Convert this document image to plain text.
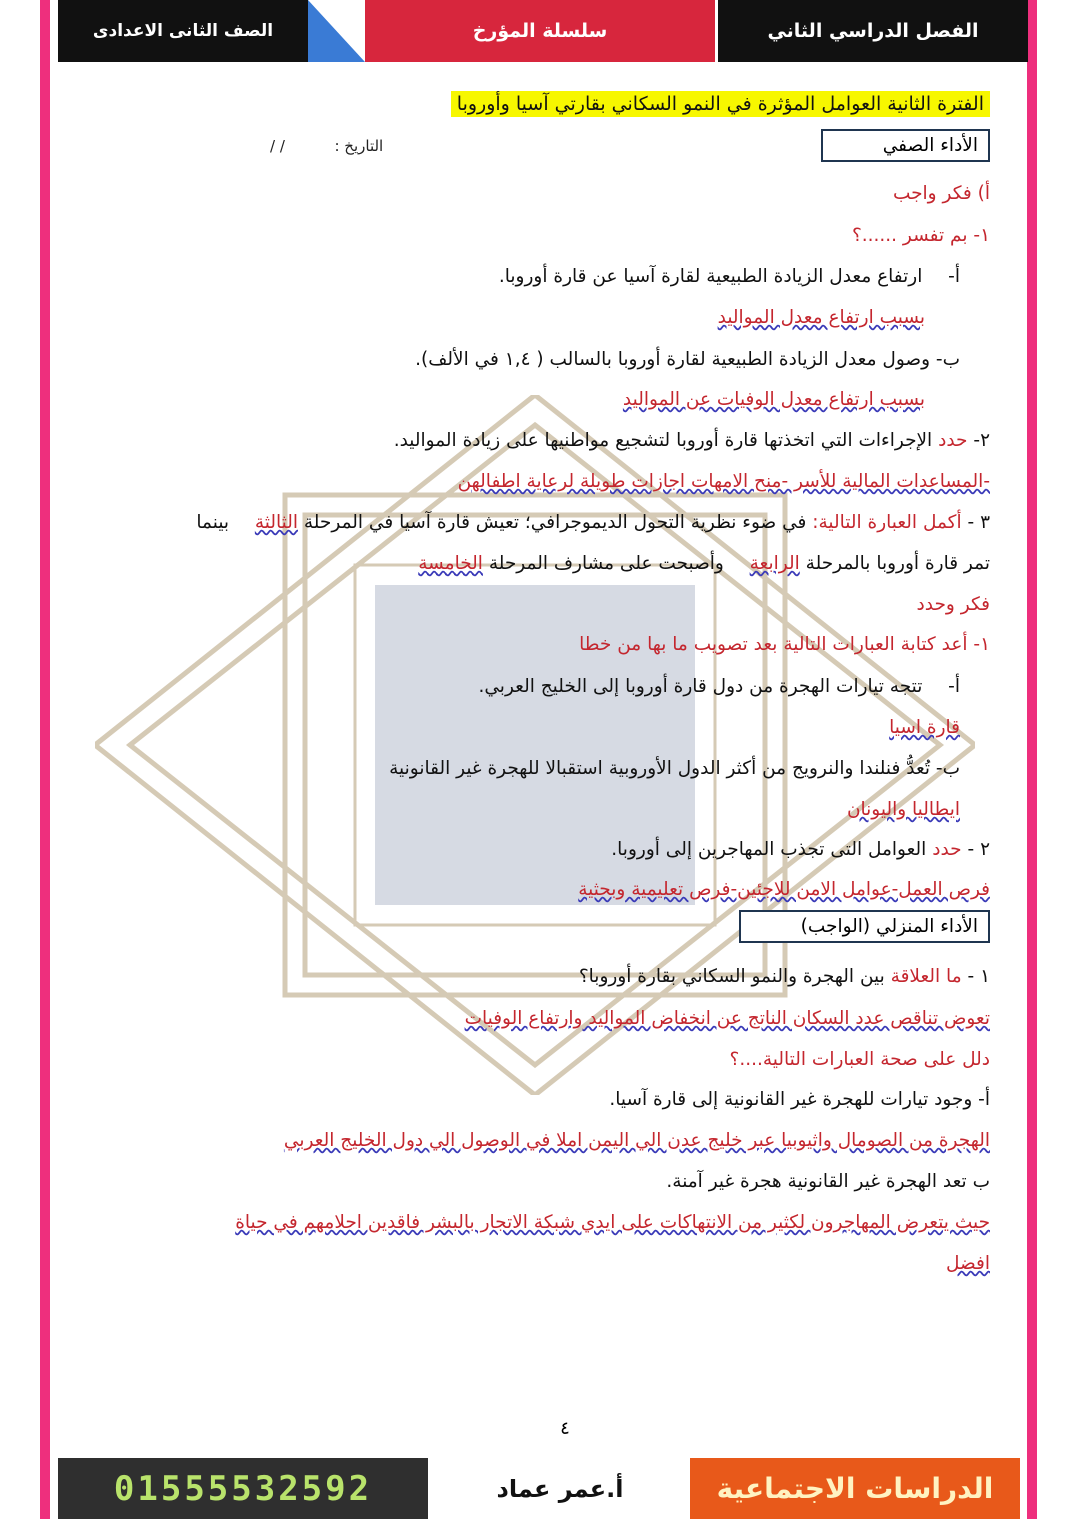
الصف الثانى الاعدادى	سلسلة المؤرخ	الفصل الدراسي الثاني
الفترة الثانية العوامل المؤثرة في النمو السكاني بقارتي آسيا وأوروبا
الأداء الصفي
التاريخ :  / /
أ) فكر واجب
١- بم تفسر ......؟
أ-  ارتفاع معدل الزيادة الطبيعية لقارة آسيا عن قارة أوروبا.
بسبب ارتفاع معدل المواليد
ب- وصول معدل الزيادة الطبيعية لقارة أوروبا بالسالب ( ١,٤ في الألف).
بسبب ارتفاع معدل الوفيات عن المواليد
٢- حدد الإجراءات التي اتخذتها قارة أوروبا لتشجيع مواطنيها على زيادة المواليد.
-المساعدات المالية للأسر -منح الامهات اجازات طويلة لرعاية اطفالهن
٣ - أكمل العبارة التالية: في ضوء نظرية التحول الديموجرافي؛ تعيش قارة آسيا في المرحلة الثالثة  بينما
تمر قارة أوروبا بالمرحلة الرابعة  وأصبحت على مشارف المرحلة الخامسة
فكر وحدد
١- أعد كتابة العبارات التالية بعد تصويب ما بها من خطا
أ-  تتجه تيارات الهجرة من دول قارة أوروبا إلى الخليج العربي.
قارة اسيا
ب- تُعدُّ فنلندا والنرويج من أكثر الدول الأوروبية استقبالا للهجرة غير القانونية
ايطاليا واليونان
٢ - حدد العوامل التى تجذب المهاجرين إلى أوروبا.
فرص العمل-عوامل الامن للاجئين-فرص تعليمية وبحثية
الأداء المنزلي (الواجب)
١ - ما العلاقة بين الهجرة والنمو السكاني بقارة أوروبا؟
تعوض تناقص عدد السكان الناتج عن انخفاض المواليد وارتفاع الوفيات
دلل على صحة العبارات التالية....؟
أ- وجود تيارات للهجرة غير القانونية إلى قارة آسيا.
الهجرة من الصومال واثيوبيا عبر خليج عدن الي اليمن املا في الوصول الي دول الخليج العربي
ب تعد الهجرة غير القانونية هجرة غير آمنة.
حيث يتعرض المهاجرون لكثير من الانتهاكات على ايدي شبكة الاتجار بالبشر فاقدين احلامهم في حياة
افضل
٤
01555532592	أ.عمر عماد	الدراسات الاجتماعية
